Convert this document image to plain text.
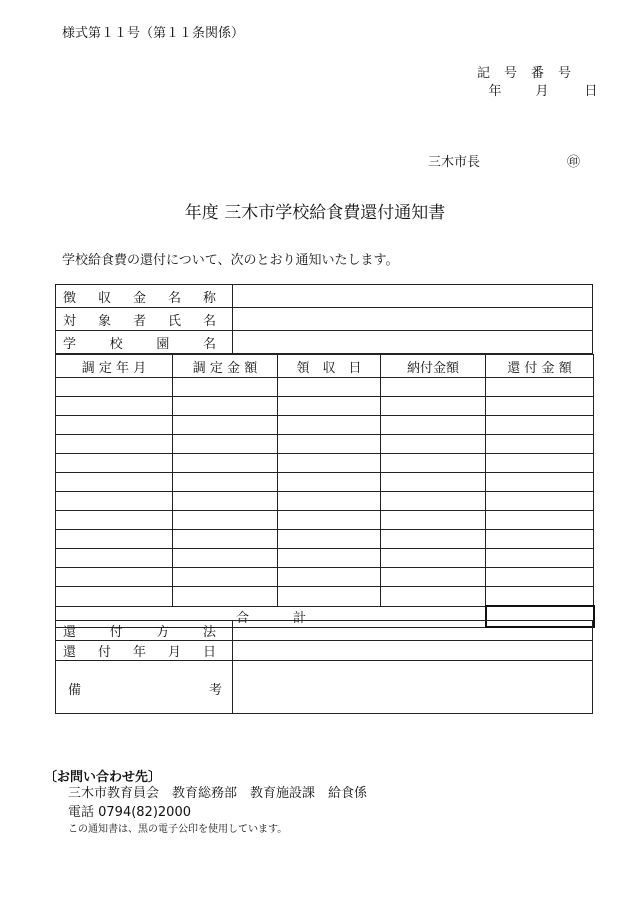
様式第１１号（第１１条関係）
記 号 番 号
年	月	日
三木市長	㊞
年度 三木市学校給食費還付通知書
学校給食費の還付について、次のとおり通知いたします。
徴 収 金 名 称	

対 象 者 氏 名	

学 校 園 名	

調 定 年 月	調 定 金 額	領　収　日	納付金額	還 付 金 額

合 計				

還 付 方 法	

還 付 年 月 日	

備 考	

〔お問い合わせ先〕
三木市教育員会　教育総務部　教育施設課　給食係
電話 0794(82)2000
この通知書は、黒の電子公印を使用しています。
